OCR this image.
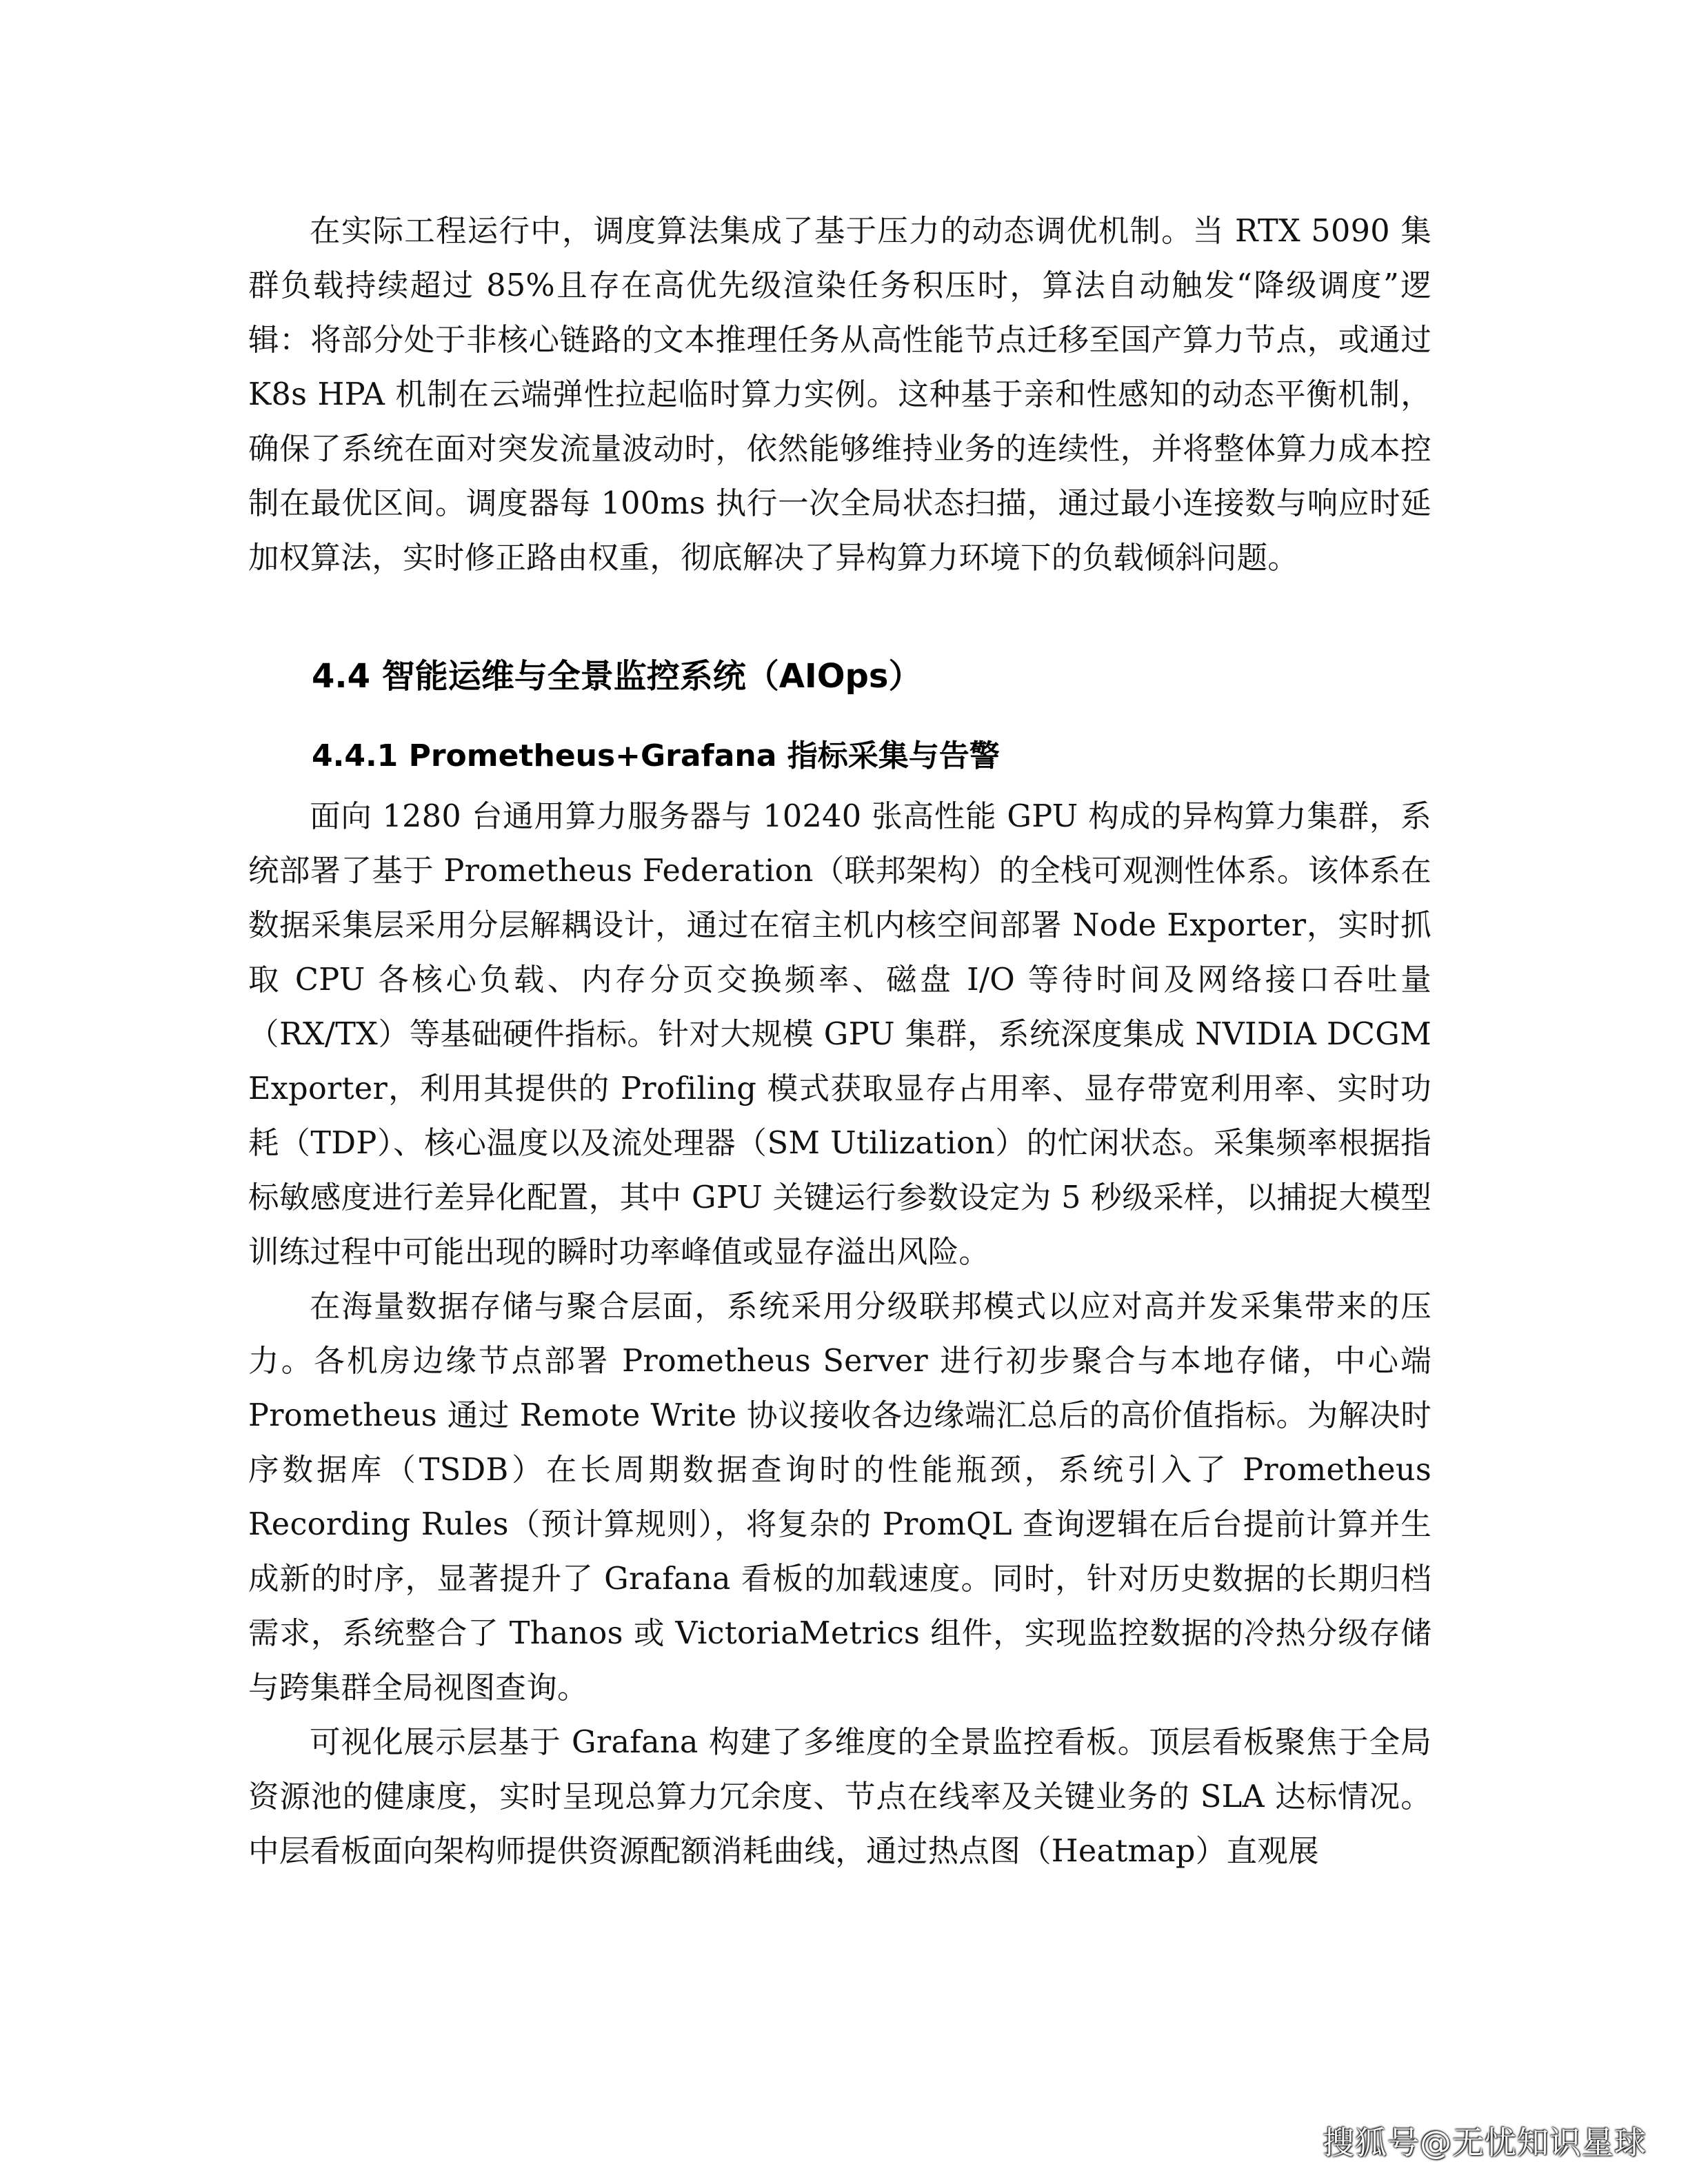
在实际工程运行中，调度算法集成了基于压力的动态调优机制。当 RTX 5090 集群负载持续超过 85%且存在高优先级渲染任务积压时，算法自动触发“降级调度”逻辑：将部分处于非核心链路的文本推理任务从高性能节点迁移至国产算力节点，或通过 K8s HPA 机制在云端弹性拉起临时算力实例。这种基于亲和性感知的动态平衡机制，确保了系统在面对突发流量波动时，依然能够维持业务的连续性，并将整体算力成本控制在最优区间。调度器每 100ms 执行一次全局状态扫描，通过最小连接数与响应时延加权算法，实时修正路由权重，彻底解决了异构算力环境下的负载倾斜问题。

4.4 智能运维与全景监控系统（AIOps）
4.4.1 Prometheus+Grafana 指标采集与告警

面向 1280 台通用算力服务器与 10240 张高性能 GPU 构成的异构算力集群，系统部署了基于 Prometheus Federation（联邦架构）的全栈可观测性体系。该体系在数据采集层采用分层解耦设计，通过在宿主机内核空间部署 Node Exporter，实时抓取 CPU 各核心负载、内存分页交换频率、磁盘 I/O 等待时间及网络接口吞吐量（RX/TX）等基础硬件指标。针对大规模 GPU 集群，系统深度集成 NVIDIA DCGM Exporter，利用其提供的 Profiling 模式获取显存占用率、显存带宽利用率、实时功耗（TDP）、核心温度以及流处理器（SM Utilization）的忙闲状态。采集频率根据指标敏感度进行差异化配置，其中 GPU 关键运行参数设定为 5 秒级采样，以捕捉大模型训练过程中可能出现的瞬时功率峰值或显存溢出风险。

在海量数据存储与聚合层面，系统采用分级联邦模式以应对高并发采集带来的压力。各机房边缘节点部署 Prometheus Server 进行初步聚合与本地存储，中心端 Prometheus 通过 Remote Write 协议接收各边缘端汇总后的高价值指标。为解决时序数据库（TSDB）在长周期数据查询时的性能瓶颈，系统引入了 Prometheus Recording Rules（预计算规则），将复杂的 PromQL 查询逻辑在后台提前计算并生成新的时序，显著提升了 Grafana 看板的加载速度。同时，针对历史数据的长期归档需求，系统整合了 Thanos 或 VictoriaMetrics 组件，实现监控数据的冷热分级存储与跨集群全局视图查询。

可视化展示层基于 Grafana 构建了多维度的全景监控看板。顶层看板聚焦于全局资源池的健康度，实时呈现总算力冗余度、节点在线率及关键业务的 SLA 达标情况。中层看板面向架构师提供资源配额消耗曲线，通过热点图（Heatmap）直观展

搜狐号@无忧知识星球
